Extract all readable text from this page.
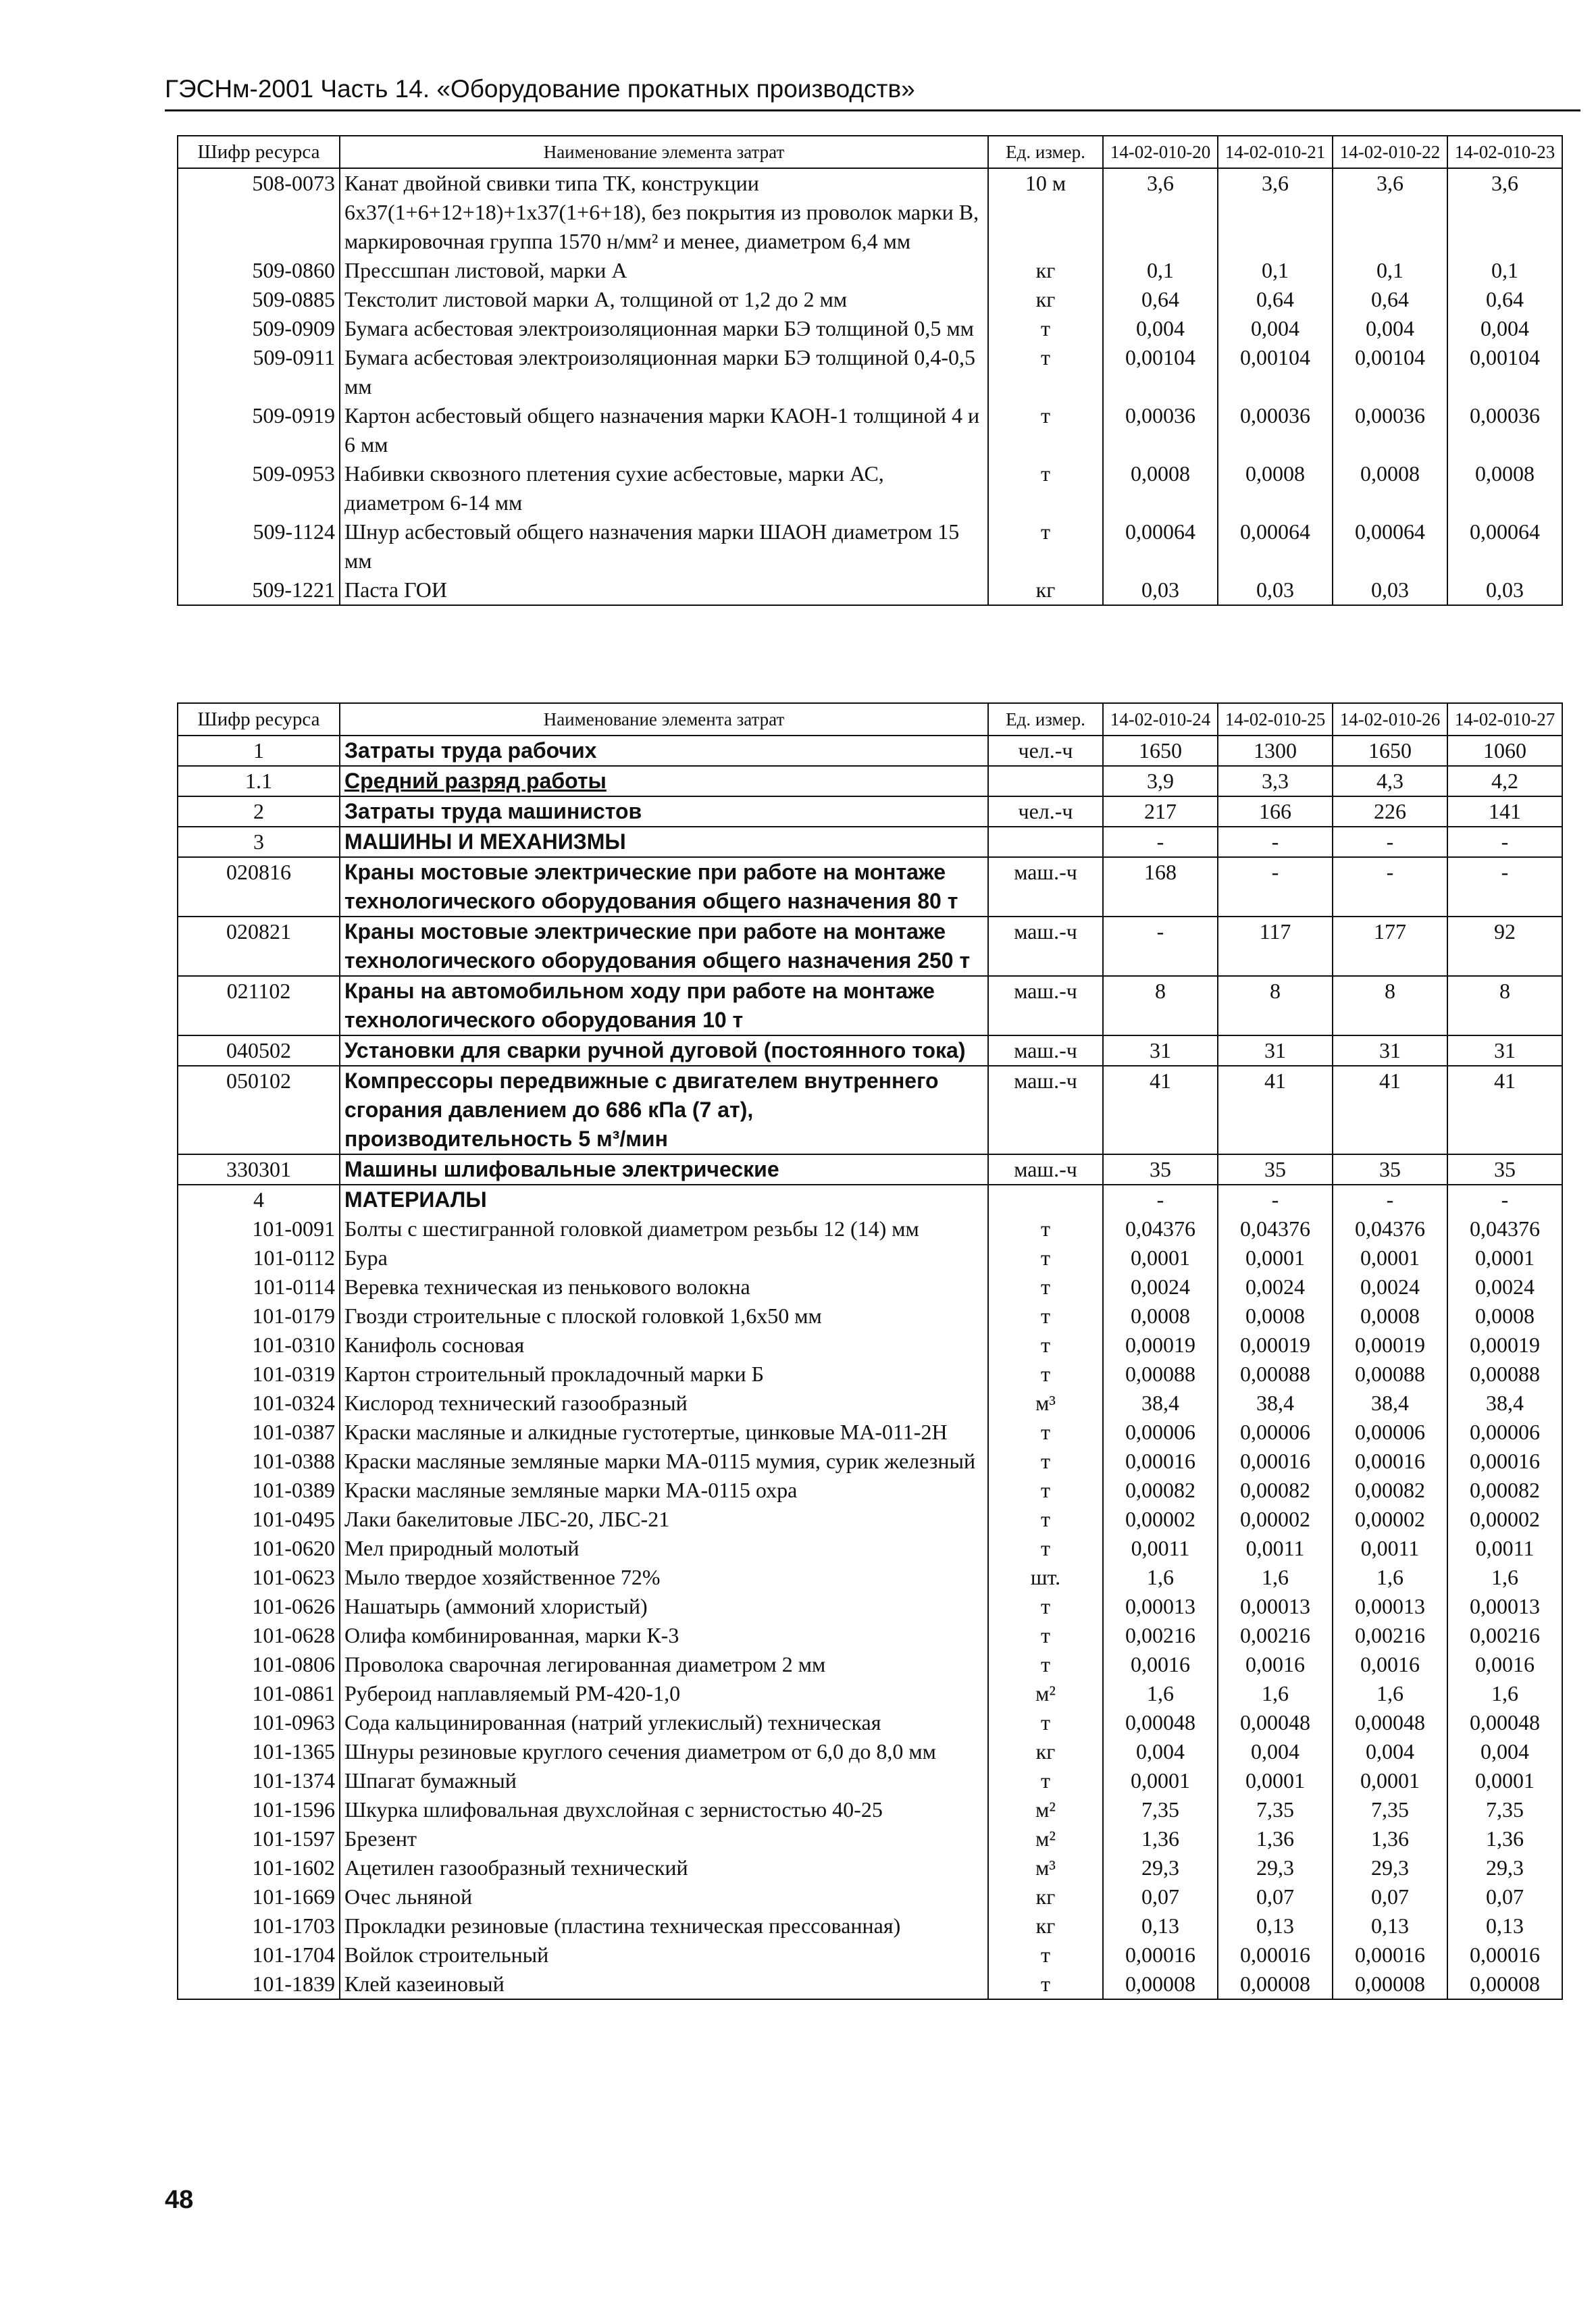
ГЭСНм-2001 Часть 14. «Оборудование прокатных производств»
Шифр ресурса	Наименование элемента затрат	Ед. измер.	14-02-010-20	14-02-010-21	14-02-010-22	14-02-010-23
508-0073	Канат двойной свивки типа ТК, конструкции 6х37(1+6+12+18)+1х37(1+6+18), без покрытия из проволок марки В, маркировочная группа 1570 н/мм² и менее, диаметром 6,4 мм	10 м	3,6	3,6	3,6	3,6
509-0860	Прессшпан листовой, марки А	кг	0,1	0,1	0,1	0,1
509-0885	Текстолит листовой марки А, толщиной от 1,2 до 2 мм	кг	0,64	0,64	0,64	0,64
509-0909	Бумага асбестовая электроизоляционная марки БЭ толщиной 0,5 мм	т	0,004	0,004	0,004	0,004
509-0911	Бумага асбестовая электроизоляционная марки БЭ толщиной 0,4-0,5 мм	т	0,00104	0,00104	0,00104	0,00104
509-0919	Картон асбестовый общего назначения марки КАОН-1 толщиной 4 и 6 мм	т	0,00036	0,00036	0,00036	0,00036
509-0953	Набивки сквозного плетения сухие асбестовые, марки АС, диаметром 6-14 мм	т	0,0008	0,0008	0,0008	0,0008
509-1124	Шнур асбестовый общего назначения марки ШАОН диаметром 15 мм	т	0,00064	0,00064	0,00064	0,00064
509-1221	Паста ГОИ	кг	0,03	0,03	0,03	0,03
Шифр ресурса	Наименование элемента затрат	Ед. измер.	14-02-010-24	14-02-010-25	14-02-010-26	14-02-010-27
1	Затраты труда рабочих	чел.-ч	1650	1300	1650	1060
1.1	Средний разряд работы		3,9	3,3	4,3	4,2
2	Затраты труда машинистов	чел.-ч	217	166	226	141
3	МАШИНЫ И МЕХАНИЗМЫ		-	-	-	-
020816	Краны мостовые электрические при работе на монтаже технологического оборудования общего назначения 80 т	маш.-ч	168	-	-	-
020821	Краны мостовые электрические при работе на монтаже технологического оборудования общего назначения 250 т	маш.-ч	-	117	177	92
021102	Краны на автомобильном ходу при работе на монтаже технологического оборудования 10 т	маш.-ч	8	8	8	8
040502	Установки для сварки ручной дуговой (постоянного тока)	маш.-ч	31	31	31	31
050102	Компрессоры передвижные с двигателем внутреннего сгорания давлением до 686 кПа (7 ат), производительность 5 м³/мин	маш.-ч	41	41	41	41
330301	Машины шлифовальные электрические	маш.-ч	35	35	35	35
4	МАТЕРИАЛЫ		-	-	-	-
101-0091	Болты с шестигранной головкой диаметром резьбы 12 (14) мм	т	0,04376	0,04376	0,04376	0,04376
101-0112	Бура	т	0,0001	0,0001	0,0001	0,0001
101-0114	Веревка техническая из пенькового волокна	т	0,0024	0,0024	0,0024	0,0024
101-0179	Гвозди строительные с плоской головкой 1,6х50 мм	т	0,0008	0,0008	0,0008	0,0008
101-0310	Канифоль сосновая	т	0,00019	0,00019	0,00019	0,00019
101-0319	Картон строительный прокладочный марки Б	т	0,00088	0,00088	0,00088	0,00088
101-0324	Кислород технический газообразный	м³	38,4	38,4	38,4	38,4
101-0387	Краски масляные и алкидные густотертые, цинковые МА-011-2Н	т	0,00006	0,00006	0,00006	0,00006
101-0388	Краски масляные земляные марки МА-0115 мумия, сурик железный	т	0,00016	0,00016	0,00016	0,00016
101-0389	Краски масляные земляные марки МА-0115 охра	т	0,00082	0,00082	0,00082	0,00082
101-0495	Лаки бакелитовые ЛБС-20, ЛБС-21	т	0,00002	0,00002	0,00002	0,00002
101-0620	Мел природный молотый	т	0,0011	0,0011	0,0011	0,0011
101-0623	Мыло твердое хозяйственное 72%	шт.	1,6	1,6	1,6	1,6
101-0626	Нашатырь (аммоний хлористый)	т	0,00013	0,00013	0,00013	0,00013
101-0628	Олифа комбинированная, марки К-3	т	0,00216	0,00216	0,00216	0,00216
101-0806	Проволока сварочная легированная диаметром 2 мм	т	0,0016	0,0016	0,0016	0,0016
101-0861	Рубероид наплавляемый РМ-420-1,0	м²	1,6	1,6	1,6	1,6
101-0963	Сода кальцинированная (натрий углекислый) техническая	т	0,00048	0,00048	0,00048	0,00048
101-1365	Шнуры резиновые круглого сечения диаметром от 6,0 до 8,0 мм	кг	0,004	0,004	0,004	0,004
101-1374	Шпагат бумажный	т	0,0001	0,0001	0,0001	0,0001
101-1596	Шкурка шлифовальная двухслойная с зернистостью 40-25	м²	7,35	7,35	7,35	7,35
101-1597	Брезент	м²	1,36	1,36	1,36	1,36
101-1602	Ацетилен газообразный технический	м³	29,3	29,3	29,3	29,3
101-1669	Очес льняной	кг	0,07	0,07	0,07	0,07
101-1703	Прокладки резиновые (пластина техническая прессованная)	кг	0,13	0,13	0,13	0,13
101-1704	Войлок строительный	т	0,00016	0,00016	0,00016	0,00016
101-1839	Клей казеиновый	т	0,00008	0,00008	0,00008	0,00008
48
